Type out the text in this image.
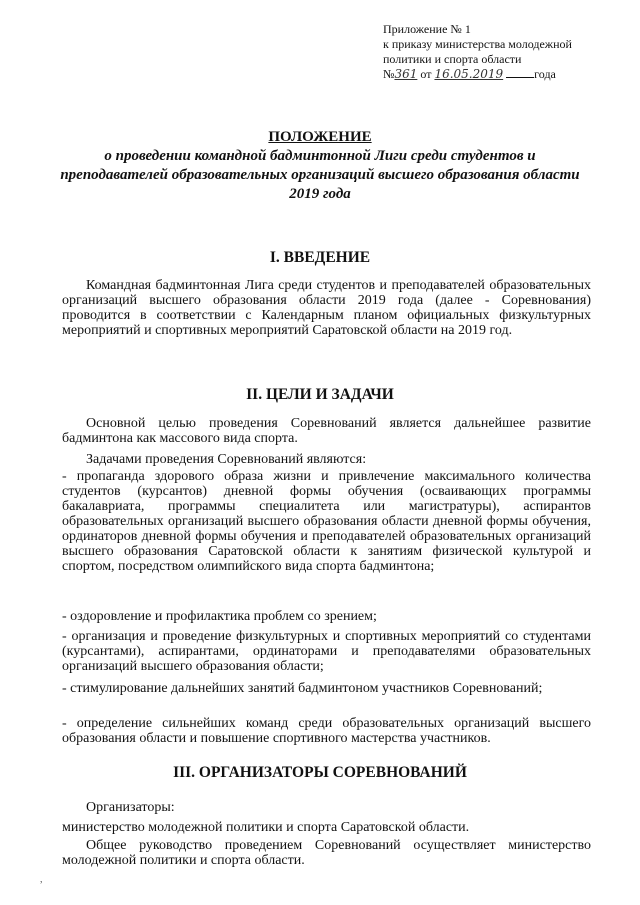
Приложение № 1
к приказу министерства молодежной
политики и спорта области
№361 от 16.05.2019	года
ПОЛОЖЕНИЕ
о проведении командной бадминтонной Лиги среди студентов и
преподавателей образовательных организаций высшего образования области
2019 года
I. ВВЕДЕНИЕ
Командная бадминтонная Лига среди студентов и преподавателей образовательных организаций высшего образования области 2019 года (далее - Соревнования) проводится в соответствии с Календарным планом официальных физкультурных мероприятий и спортивных мероприятий Саратовской области на 2019 год.
II. ЦЕЛИ И ЗАДАЧИ
Основной целью проведения Соревнований является дальнейшее развитие бадминтона как массового вида спорта.
Задачами проведения Соревнований являются:
- пропаганда здорового образа жизни и привлечение максимального количества студентов (курсантов) дневной формы обучения (осваивающих программы бакалавриата, программы специалитета или магистратуры), аспирантов образовательных организаций высшего образования области дневной формы обучения, ординаторов дневной формы обучения и преподавателей образовательных организаций высшего образования Саратовской области к занятиям физической культурой и спортом, посредством олимпийского вида спорта бадминтона;
- оздоровление и профилактика проблем со зрением;
- организация и проведение физкультурных и спортивных мероприятий со студентами (курсантами), аспирантами, ординаторами и преподавателями образовательных организаций высшего образования области;
- стимулирование дальнейших занятий бадминтоном участников Соревнований;
- определение сильнейших команд среди образовательных организаций высшего образования области и повышение спортивного мастерства участников.
III. ОРГАНИЗАТОРЫ СОРЕВНОВАНИЙ
Организаторы:
министерство молодежной политики и спорта Саратовской области.
Общее руководство проведением Соревнований осуществляет министерство молодежной политики и спорта области.
,
